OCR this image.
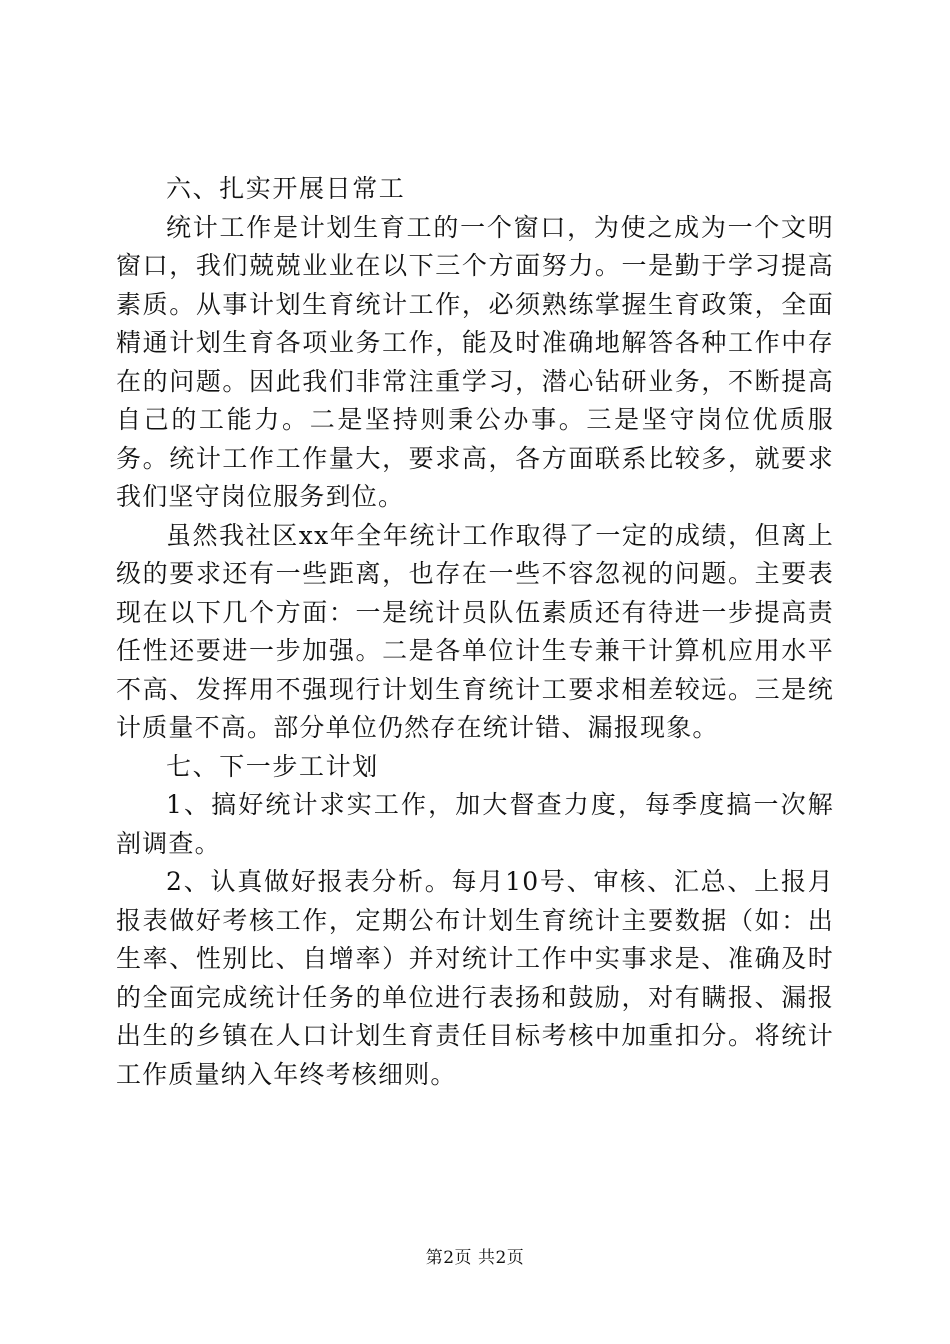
六、扎实开展日常工

统计工作是计划生育工的一个窗口，为使之成为一个文明窗口，我们兢兢业业在以下三个方面努力。一是勤于学习提高素质。从事计划生育统计工作，必须熟练掌握生育政策，全面精通计划生育各项业务工作，能及时准确地解答各种工作中存在的问题。因此我们非常注重学习，潜心钻研业务，不断提高自己的工能力。二是坚持则秉公办事。三是坚守岗位优质服务。统计工作工作量大，要求高，各方面联系比较多，就要求我们坚守岗位服务到位。

虽然我社区xx年全年统计工作取得了一定的成绩，但离上级的要求还有一些距离，也存在一些不容忽视的问题。主要表现在以下几个方面：一是统计员队伍素质还有待进一步提高责任性还要进一步加强。二是各单位计生专兼干计算机应用水平不高、发挥用不强现行计划生育统计工要求相差较远。三是统计质量不高。部分单位仍然存在统计错、漏报现象。

七、下一步工计划

1、搞好统计求实工作，加大督查力度，每季度搞一次解剖调查。

2、认真做好报表分析。每月10号、审核、汇总、上报月报表做好考核工作，定期公布计划生育统计主要数据（如：出生率、性别比、自增率）并对统计工作中实事求是、准确及时的全面完成统计任务的单位进行表扬和鼓励，对有瞒报、漏报出生的乡镇在人口计划生育责任目标考核中加重扣分。将统计工作质量纳入年终考核细则。

第2页 共2页
